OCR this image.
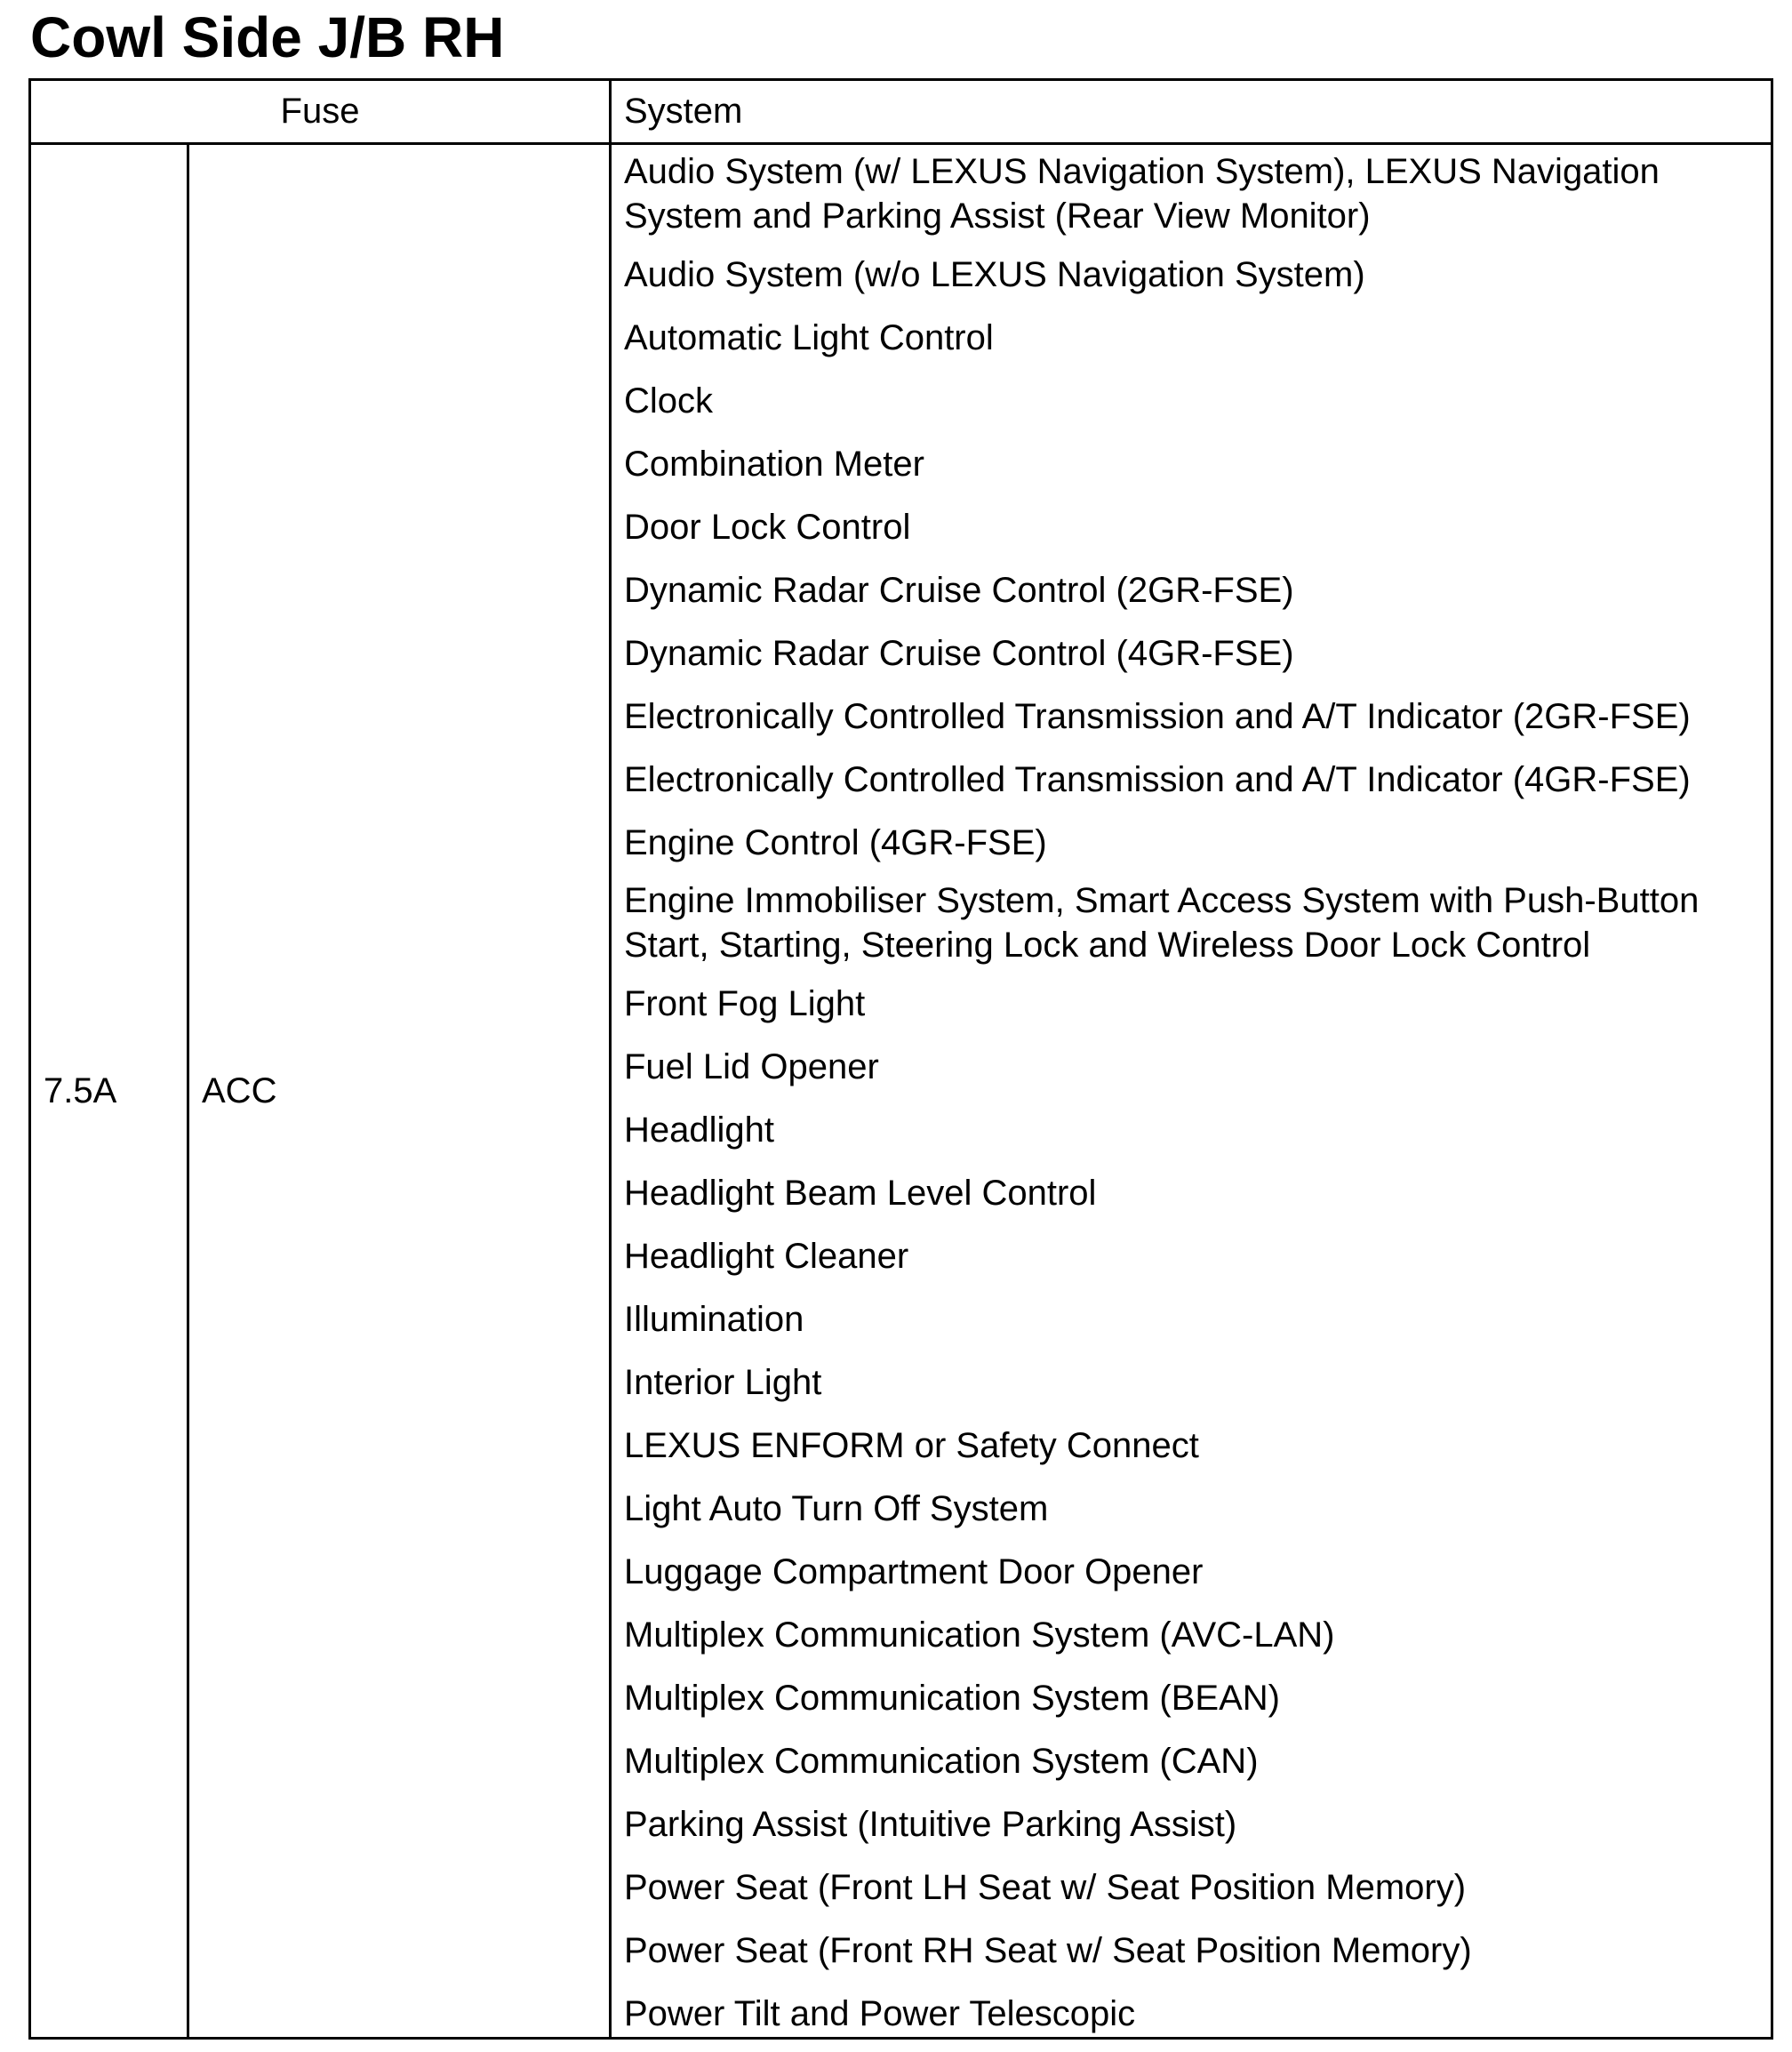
Cowl Side J/B RH
Fuse	System
7.5A ACC
Audio System (w/ LEXUS Navigation System), LEXUS Navigation System and Parking Assist (Rear View Monitor)
Audio System (w/o LEXUS Navigation System)
Automatic Light Control
Clock
Combination Meter
Door Lock Control
Dynamic Radar Cruise Control (2GR-FSE)
Dynamic Radar Cruise Control (4GR-FSE)
Electronically Controlled Transmission and A/T Indicator (2GR-FSE)
Electronically Controlled Transmission and A/T Indicator (4GR-FSE)
Engine Control (4GR-FSE)
Engine Immobiliser System, Smart Access System with Push-Button Start, Starting, Steering Lock and Wireless Door Lock Control
Front Fog Light
Fuel Lid Opener
Headlight
Headlight Beam Level Control
Headlight Cleaner
Illumination
Interior Light
LEXUS ENFORM or Safety Connect
Light Auto Turn Off System
Luggage Compartment Door Opener
Multiplex Communication System (AVC-LAN)
Multiplex Communication System (BEAN)
Multiplex Communication System (CAN)
Parking Assist (Intuitive Parking Assist)
Power Seat (Front LH Seat w/ Seat Position Memory)
Power Seat (Front RH Seat w/ Seat Position Memory)
Power Tilt and Power Telescopic
